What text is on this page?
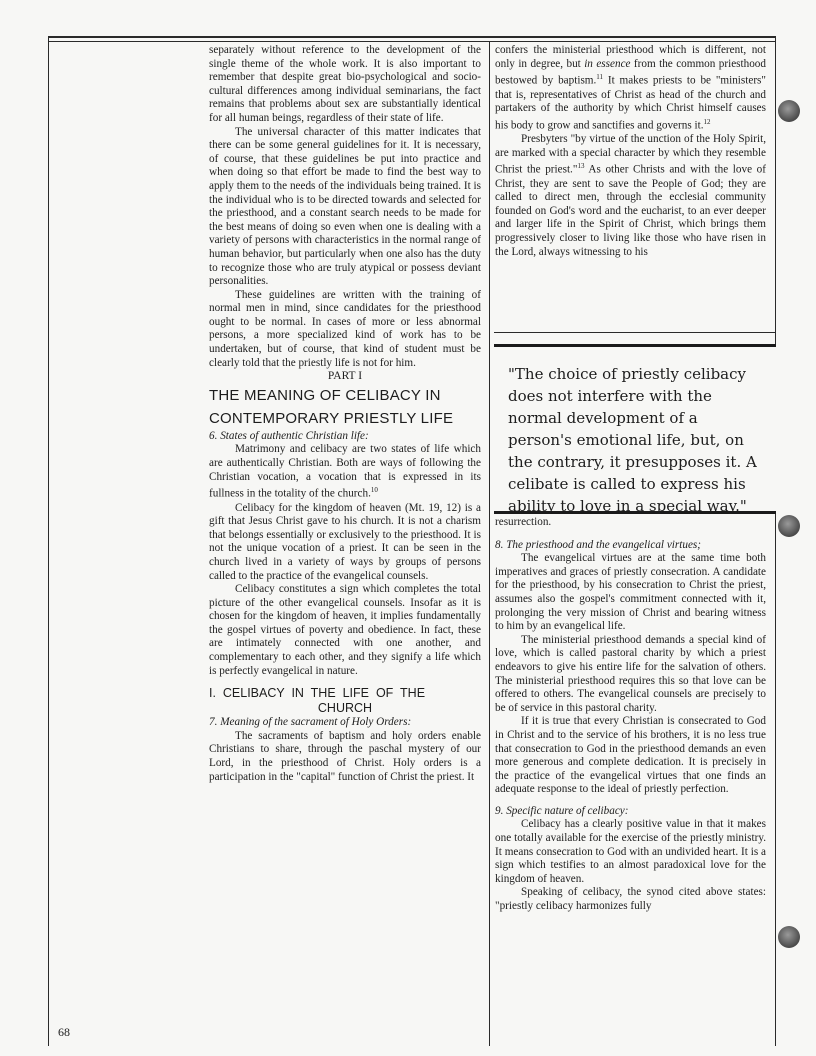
separately without reference to the development of the single theme of the whole work. It is also important to remember that despite great bio-psychological and socio-cultural differences among individual seminarians, the fact remains that problems about sex are substantially identical for all human beings, regardless of their state of life.

The universal character of this matter indicates that there can be some general guidelines for it. It is necessary, of course, that these guidelines be put into practice and when doing so that effort be made to find the best way to apply them to the needs of the individuals being trained. It is the individual who is to be directed towards and selected for the priesthood, and a constant search needs to be made for the best means of doing so even when one is dealing with a variety of persons with characteristics in the normal range of human behavior, but particularly when one also has the duty to recognize those who are truly atypical or possess deviant personalities.

These guidelines are written with the training of normal men in mind, since candidates for the priesthood ought to be normal. In cases of more or less abnormal persons, a more specialized kind of work has to be undertaken, but of course, that kind of student must be clearly told that the priestly life is not for him.

PART I

THE MEANING OF CELIBACY IN
CONTEMPORARY PRIESTLY LIFE

6. States of authentic Christian life:

Matrimony and celibacy are two states of life which are authentically Christian. Both are ways of following the Christian vocation, a vocation that is expressed in its fullness in the totality of the church.$^{10}$

Celibacy for the kingdom of heaven (Mt. 19, 12) is a gift that Jesus Christ gave to his church. It is not a charism that belongs essentially or exclusively to the priesthood. It is not the unique vocation of a priest. It can be seen in the church lived in a variety of ways by groups of persons called to the practice of the evangelical counsels.

Celibacy constitutes a sign which completes the total picture of the other evangelical counsels. Insofar as it is chosen for the kingdom of heaven, it implies fundamentally the gospel virtues of poverty and obedience. In fact, these are intimately connected with one another, and complementary to each other, and they signify a life which is perfectly evangelical in nature.

I.  CELIBACY  IN  THE  LIFE  OF  THE
CHURCH

7. Meaning of the sacrament of Holy Orders:

The sacraments of baptism and holy orders enable Christians to share, through the paschal mystery of our Lord, in the priesthood of Christ. Holy orders is a participation in the "capital" function of Christ the priest. It

confers the ministerial priesthood which is different, not only in degree, but in essence from the common priesthood bestowed by baptism.$^{11}$ It makes priests to be "ministers" that is, representatives of Christ as head of the church and partakers of the authority by which Christ himself causes his body to grow and sanctifies and governs it.$^{12}$

Presbyters "by virtue of the unction of the Holy Spirit, are marked with a special character by which they resemble Christ the priest."$^{13}$ As other Christs and with the love of Christ, they are sent to save the People of God; they are called to direct men, through the ecclesial community founded on God's word and the eucharist, to an ever deeper and larger life in the Spirit of Christ, which brings them progressively closer to living like those who have risen in the Lord, always witnessing to his

"The choice of priestly celibacy does not interfere with the normal development of a person's emotional life, but, on the contrary, it presupposes it. A celibate is called to express his ability to love in a special way."

resurrection.

8. The priesthood and the evangelical virtues;

The evangelical virtues are at the same time both imperatives and graces of priestly consecration. A candidate for the priesthood, by his consecration to Christ the priest, assumes also the gospel's commitment connected with it, prolonging the very mission of Christ and bearing witness to him by an evangelical life.

The ministerial priesthood demands a special kind of love, which is called pastoral charity by which a priest endeavors to give his entire life for the salvation of others. The ministerial priesthood requires this so that love can be offered to others. The evangelical counsels are precisely to be of service in this pastoral charity.

If it is true that every Christian is consecrated to God in Christ and to the service of his brothers, it is no less true that consecration to God in the priesthood demands an even more generous and complete dedication. It is precisely in the practice of the evangelical virtues that one finds an adequate response to the ideal of priestly perfection.

9. Specific nature of celibacy:

Celibacy has a clearly positive value in that it makes one totally available for the exercise of the priestly ministry. It means consecration to God with an undivided heart. It is a sign which testifies to an almost paradoxical love for the kingdom of heaven.

Speaking of celibacy, the synod cited above states: "priestly celibacy harmonizes fully

68
